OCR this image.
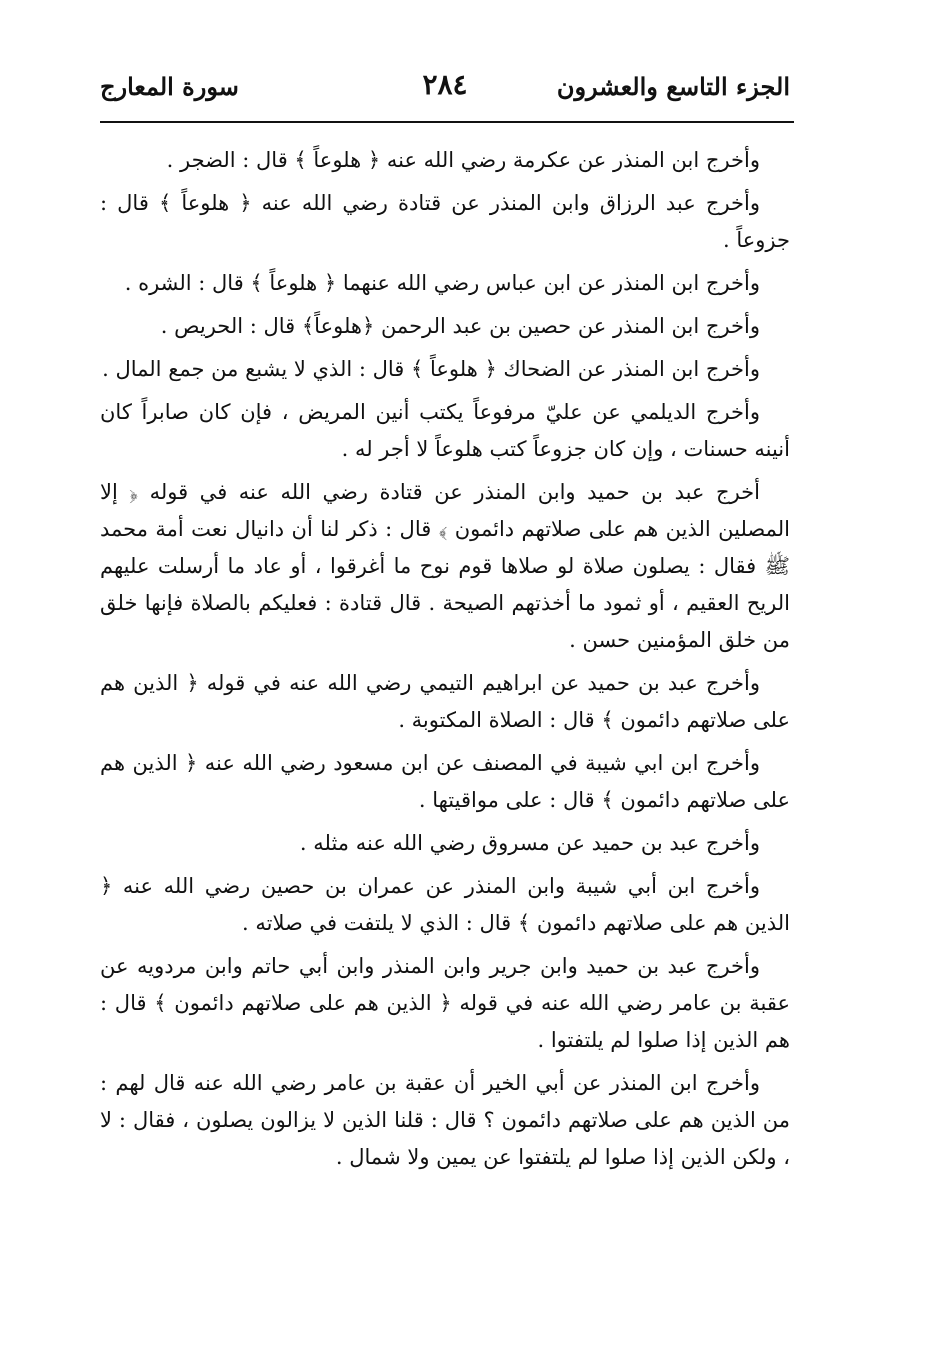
الجزء التاسع والعشرون
٢٨٤
سورة المعارج

وأخرج ابن المنذر عن عكرمة رضي الله عنه ﴿ هلوعاً ﴾ قال : الضجر .

وأخرج عبد الرزاق وابن المنذر عن قتادة رضي الله عنه ﴿ هلوعاً ﴾ قال : جزوعاً .

وأخرج ابن المنذر عن ابن عباس رضي الله عنهما ﴿ هلوعاً ﴾ قال : الشره .

وأخرج ابن المنذر عن حصين بن عبد الرحمن ﴿هلوعاً﴾ قال : الحريص .

وأخرج ابن المنذر عن الضحاك ﴿ هلوعاً ﴾ قال : الذي لا يشبع من جمع المال .

وأخرج الديلمي عن عليّ مرفوعاً يكتب أنين المريض ، فإن كان صابراً كان أنينه حسنات ، وإن كان جزوعاً كتب هلوعاً لا أجر له .

أخرج عبد بن حميد وابن المنذر عن قتادة رضي الله عنه في قوله ﴿ إلا المصلين الذين هم على صلاتهم دائمون ﴾ قال : ذكر لنا أن دانيال نعت أمة محمد ﷺ فقال : يصلون صلاة لو صلاها قوم نوح ما أغرقوا ، أو عاد ما أرسلت عليهم الريح العقيم ، أو ثمود ما أخذتهم الصيحة . قال قتادة : فعليكم بالصلاة فإنها خلق من خلق المؤمنين حسن .

وأخرج عبد بن حميد عن ابراهيم التيمي رضي الله عنه في قوله ﴿ الذين هم على صلاتهم دائمون ﴾ قال : الصلاة المكتوبة .

وأخرج ابن ابي شيبة في المصنف عن ابن مسعود رضي الله عنه ﴿ الذين هم على صلاتهم دائمون ﴾ قال : على مواقيتها .

وأخرج عبد بن حميد عن مسروق رضي الله عنه مثله .

وأخرج ابن أبي شيبة وابن المنذر عن عمران بن حصين رضي الله عنه ﴿ الذين هم على صلاتهم دائمون ﴾ قال : الذي لا يلتفت في صلاته .

وأخرج عبد بن حميد وابن جرير وابن المنذر وابن أبي حاتم وابن مردويه عن عقبة بن عامر رضي الله عنه في قوله ﴿ الذين هم على صلاتهم دائمون ﴾ قال : هم الذين إذا صلوا لم يلتفتوا .

وأخرج ابن المنذر عن أبي الخير أن عقبة بن عامر رضي الله عنه قال لهم : من الذين هم على صلاتهم دائمون ؟ قال : قلنا الذين لا يزالون يصلون ، فقال : لا ، ولكن الذين إذا صلوا لم يلتفتوا عن يمين ولا شمال .
